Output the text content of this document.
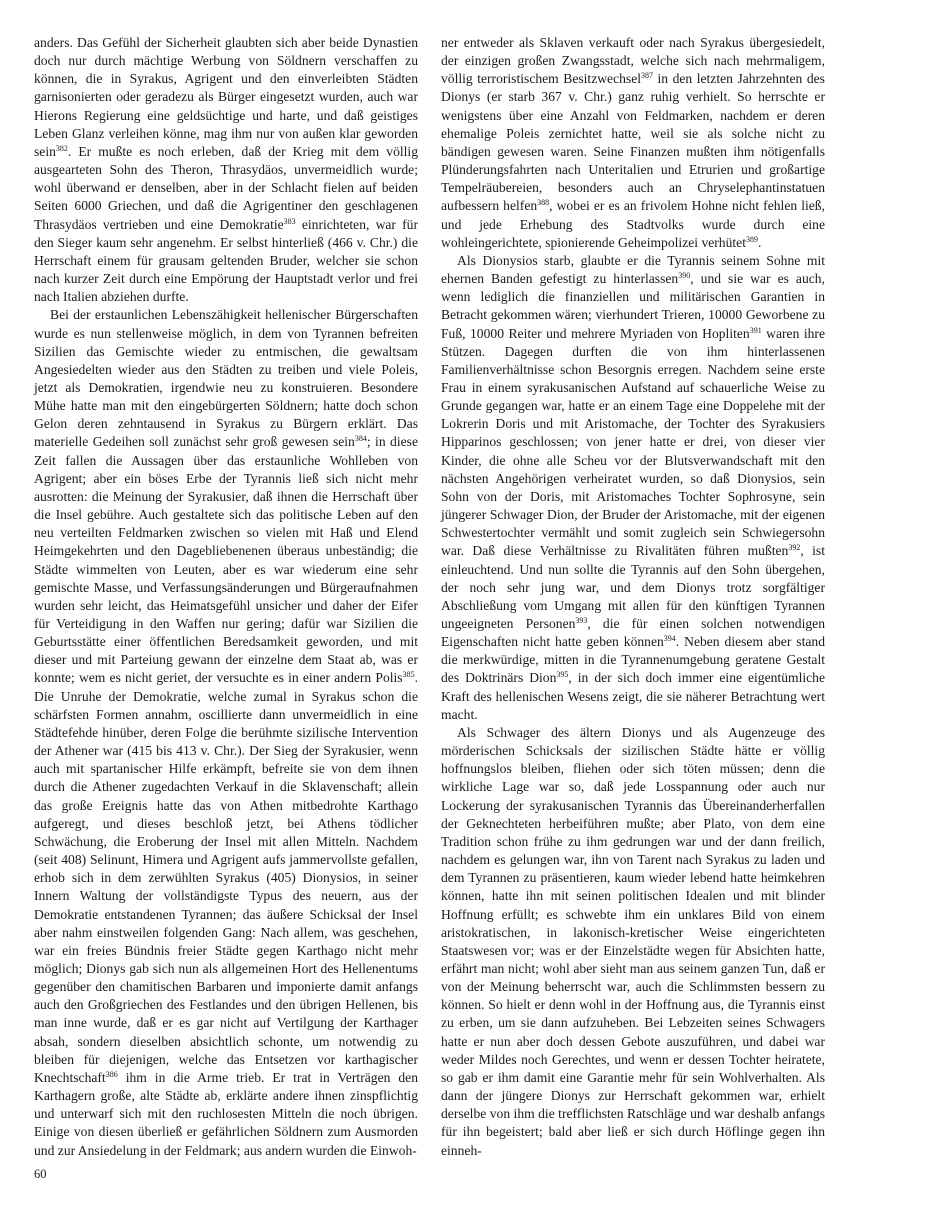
anders. Das Gefühl der Sicherheit glaubten sich aber beide Dynastien doch nur durch mächtige Werbung von Söldnern verschaffen zu können, die in Syrakus, Agrigent und den einverleibten Städten garnisonierten oder geradezu als Bürger eingesetzt wurden, auch war Hierons Regierung eine geldsüchtige und harte, und daß geistiges Leben Glanz verleihen könne, mag ihm nur von außen klar geworden sein$^{382}$. Er mußte es noch erleben, daß der Krieg mit dem völlig ausgearteten Sohn des Theron, Thrasydäos, unvermeidlich wurde; wohl überwand er denselben, aber in der Schlacht fielen auf beiden Seiten 6000 Griechen, und daß die Agrigentiner den geschlagenen Thrasydäos vertrieben und eine Demokratie$^{383}$ einrichteten, war für den Sieger kaum sehr angenehm. Er selbst hinterließ (466 v. Chr.) die Herrschaft einem für grausam geltenden Bruder, welcher sie schon nach kurzer Zeit durch eine Empörung der Hauptstadt verlor und frei nach Italien abziehen durfte.

Bei der erstaunlichen Lebenszähigkeit hellenischer Bürgerschaften wurde es nun stellenweise möglich, in dem von Tyrannen befreiten Sizilien das Gemischte wieder zu entmischen, die gewaltsam Angesiedelten wieder aus den Städten zu treiben und viele Poleis, jetzt als Demokratien, irgendwie neu zu konstruieren. Besondere Mühe hatte man mit den eingebürgerten Söldnern; hatte doch schon Gelon deren zehntausend in Syrakus zu Bürgern erklärt. Das materielle Gedeihen soll zunächst sehr groß gewesen sein$^{384}$; in diese Zeit fallen die Aussagen über das erstaunliche Wohlleben von Agrigent; aber ein böses Erbe der Tyrannis ließ sich nicht mehr ausrotten: die Meinung der Syrakusier, daß ihnen die Herrschaft über die Insel gebühre. Auch gestaltete sich das politische Leben auf den neu verteilten Feldmarken zwischen so vielen mit Haß und Elend Heimgekehrten und den Dagebliebenenen überaus unbeständig; die Städte wimmelten von Leuten, aber es war wiederum eine sehr gemischte Masse, und Verfassungsänderungen und Bürgeraufnahmen wurden sehr leicht, das Heimatsgefühl unsicher und daher der Eifer für Verteidigung in den Waffen nur gering; dafür war Sizilien die Geburtsstätte einer öffentlichen Beredsamkeit geworden, und mit dieser und mit Parteiung gewann der einzelne dem Staat ab, was er konnte; wem es nicht geriet, der versuchte es in einer andern Polis$^{385}$. Die Unruhe der Demokratie, welche zumal in Syrakus schon die schärfsten Formen annahm, oscillierte dann unvermeidlich in eine Städtefehde hinüber, deren Folge die berühmte sizilische Intervention der Athener war (415 bis 413 v. Chr.). Der Sieg der Syrakusier, wenn auch mit spartanischer Hilfe erkämpft, befreite sie von dem ihnen durch die Athener zugedachten Verkauf in die Sklavenschaft; allein das große Ereignis hatte das von Athen mitbedrohte Karthago aufgeregt, und dieses beschloß jetzt, bei Athens tödlicher Schwächung, die Eroberung der Insel mit allen Mitteln. Nachdem (seit 408) Selinunt, Himera und Agrigent aufs jammervollste gefallen, erhob sich in dem zerwühlten Syrakus (405) Dionysios, in seiner Innern Waltung der vollständigste Typus des neuern, aus der Demokratie entstandenen Tyrannen; das äußere Schicksal der Insel aber nahm einstweilen folgenden Gang: Nach allem, was geschehen, war ein freies Bündnis freier Städte gegen Karthago nicht mehr möglich; Dionys gab sich nun als allgemeinen Hort des Hellenentums gegenüber den chamitischen Barbaren und imponierte damit anfangs auch den Großgriechen des Festlandes und den übrigen Hellenen, bis man inne wurde, daß er es gar nicht auf Vertilgung der Karthager absah, sondern dieselben absichtlich schonte, um notwendig zu bleiben für diejenigen, welche das Entsetzen vor karthagischer Knechtschaft$^{386}$ ihm in die Arme trieb. Er trat in Verträgen den Karthagern große, alte Städte ab, erklärte andere ihnen zinspflichtig und unterwarf sich mit den ruchlosesten Mitteln die noch übrigen. Einige von diesen überließ er gefährlichen Söldnern zum Ausmorden und zur Ansiedelung in der Feldmark; aus andern wurden die Einwoh-

ner entweder als Sklaven verkauft oder nach Syrakus übergesiedelt, der einzigen großen Zwangsstadt, welche sich nach mehrmaligem, völlig terroristischem Besitzwechsel$^{387}$ in den letzten Jahrzehnten des Dionys (er starb 367 v. Chr.) ganz ruhig verhielt. So herrschte er wenigstens über eine Anzahl von Feldmarken, nachdem er deren ehemalige Poleis zernichtet hatte, weil sie als solche nicht zu bändigen gewesen waren. Seine Finanzen mußten ihm nötigenfalls Plünderungsfahrten nach Unteritalien und Etrurien und großartige Tempelräubereien, besonders auch an Chryselephantinstatuen aufbessern helfen$^{388}$, wobei er es an frivolem Hohne nicht fehlen ließ, und jede Erhebung des Stadtvolks wurde durch eine wohleingerichtete, spionierende Geheimpolizei verhütet$^{389}$.

Als Dionysios starb, glaubte er die Tyrannis seinem Sohne mit ehernen Banden gefestigt zu hinterlassen$^{390}$, und sie war es auch, wenn lediglich die finanziellen und militärischen Garantien in Betracht gekommen wären; vierhundert Trieren, 10000 Geworbene zu Fuß, 10000 Reiter und mehrere Myriaden von Hopliten$^{391}$ waren ihre Stützen. Dagegen durften die von ihm hinterlassenen Familienverhältnisse schon Besorgnis erregen. Nachdem seine erste Frau in einem syrakusanischen Aufstand auf schauerliche Weise zu Grunde gegangen war, hatte er an einem Tage eine Doppelehe mit der Lokrerin Doris und mit Aristomache, der Tochter des Syrakusiers Hipparinos geschlossen; von jener hatte er drei, von dieser vier Kinder, die ohne alle Scheu vor der Blutsverwandschaft mit den nächsten Angehörigen verheiratet wurden, so daß Dionysios, sein Sohn von der Doris, mit Aristomaches Tochter Sophrosyne, sein jüngerer Schwager Dion, der Bruder der Aristomache, mit der eigenen Schwestertochter vermählt und somit zugleich sein Schwiegersohn war. Daß diese Verhältnisse zu Rivalitäten führen mußten$^{392}$, ist einleuchtend. Und nun sollte die Tyrannis auf den Sohn übergehen, der noch sehr jung war, und dem Dionys trotz sorgfältiger Abschließung vom Umgang mit allen für den künftigen Tyrannen ungeeigneten Personen$^{393}$, die für einen solchen notwendigen Eigenschaften nicht hatte geben können$^{394}$. Neben diesem aber stand die merkwürdige, mitten in die Tyrannenumgebung geratene Gestalt des Doktrinärs Dion$^{395}$, in der sich doch immer eine eigentümliche Kraft des hellenischen Wesens zeigt, die sie näherer Betrachtung wert macht.

Als Schwager des ältern Dionys und als Augenzeuge des mörderischen Schicksals der sizilischen Städte hätte er völlig hoffnungslos bleiben, fliehen oder sich töten müssen; denn die wirkliche Lage war so, daß jede Losspannung oder auch nur Lockerung der syrakusanischen Tyrannis das Übereinanderherfallen der Geknechteten herbeiführen mußte; aber Plato, von dem eine Tradition schon frühe zu ihm gedrungen war und der dann freilich, nachdem es gelungen war, ihn von Tarent nach Syrakus zu laden und dem Tyrannen zu präsentieren, kaum wieder lebend hatte heimkehren können, hatte ihn mit seinen politischen Idealen und mit blinder Hoffnung erfüllt; es schwebte ihm ein unklares Bild von einem aristokratischen, in lakonisch-kretischer Weise eingerichteten Staatswesen vor; was er der Einzelstädte wegen für Absichten hatte, erfährt man nicht; wohl aber sieht man aus seinem ganzen Tun, daß er von der Meinung beherrscht war, auch die Schlimmsten bessern zu können. So hielt er denn wohl in der Hoffnung aus, die Tyrannis einst zu erben, um sie dann aufzuheben. Bei Lebzeiten seines Schwagers hatte er nun aber doch dessen Gebote auszuführen, und dabei war weder Mildes noch Gerechtes, und wenn er dessen Tochter heiratete, so gab er ihm damit eine Garantie mehr für sein Wohlverhalten. Als dann der jüngere Dionys zur Herrschaft gekommen war, erhielt derselbe von ihm die trefflichsten Ratschläge und war deshalb anfangs für ihn begeistert; bald aber ließ er sich durch Höflinge gegen ihn einneh-

60
